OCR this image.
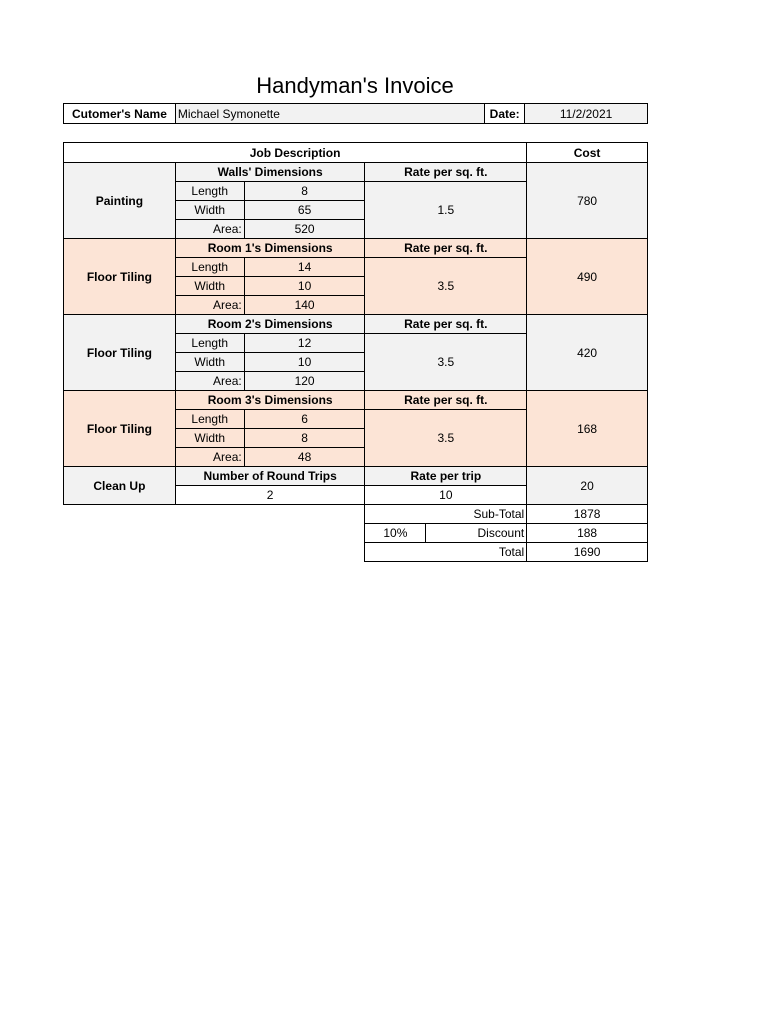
Handyman's Invoice
Cutomer's Name	Michael Symonette	Date:	11/2/2021
Job Description					Cost
Painting	Walls' Dimensions		Rate per sq. ft.		780
	Length	8	1.5		
	Width	65			
	Area:	520			
Floor Tiling	Room 1's Dimensions		Rate per sq. ft.		490
	Length	14	3.5		
	Width	10			
	Area:	140			
Floor Tiling	Room 2's Dimensions		Rate per sq. ft.		420
	Length	12	3.5		
	Width	10			
	Area:	120			
Floor Tiling	Room 3's Dimensions		Rate per sq. ft.		168
	Length	6	3.5		
	Width	8			
	Area:	48			
Clean Up	Number of Round Trips		Rate per trip		20
	2		10		
			Sub-Total		1878
			10%	Discount	188
			Total		1690
